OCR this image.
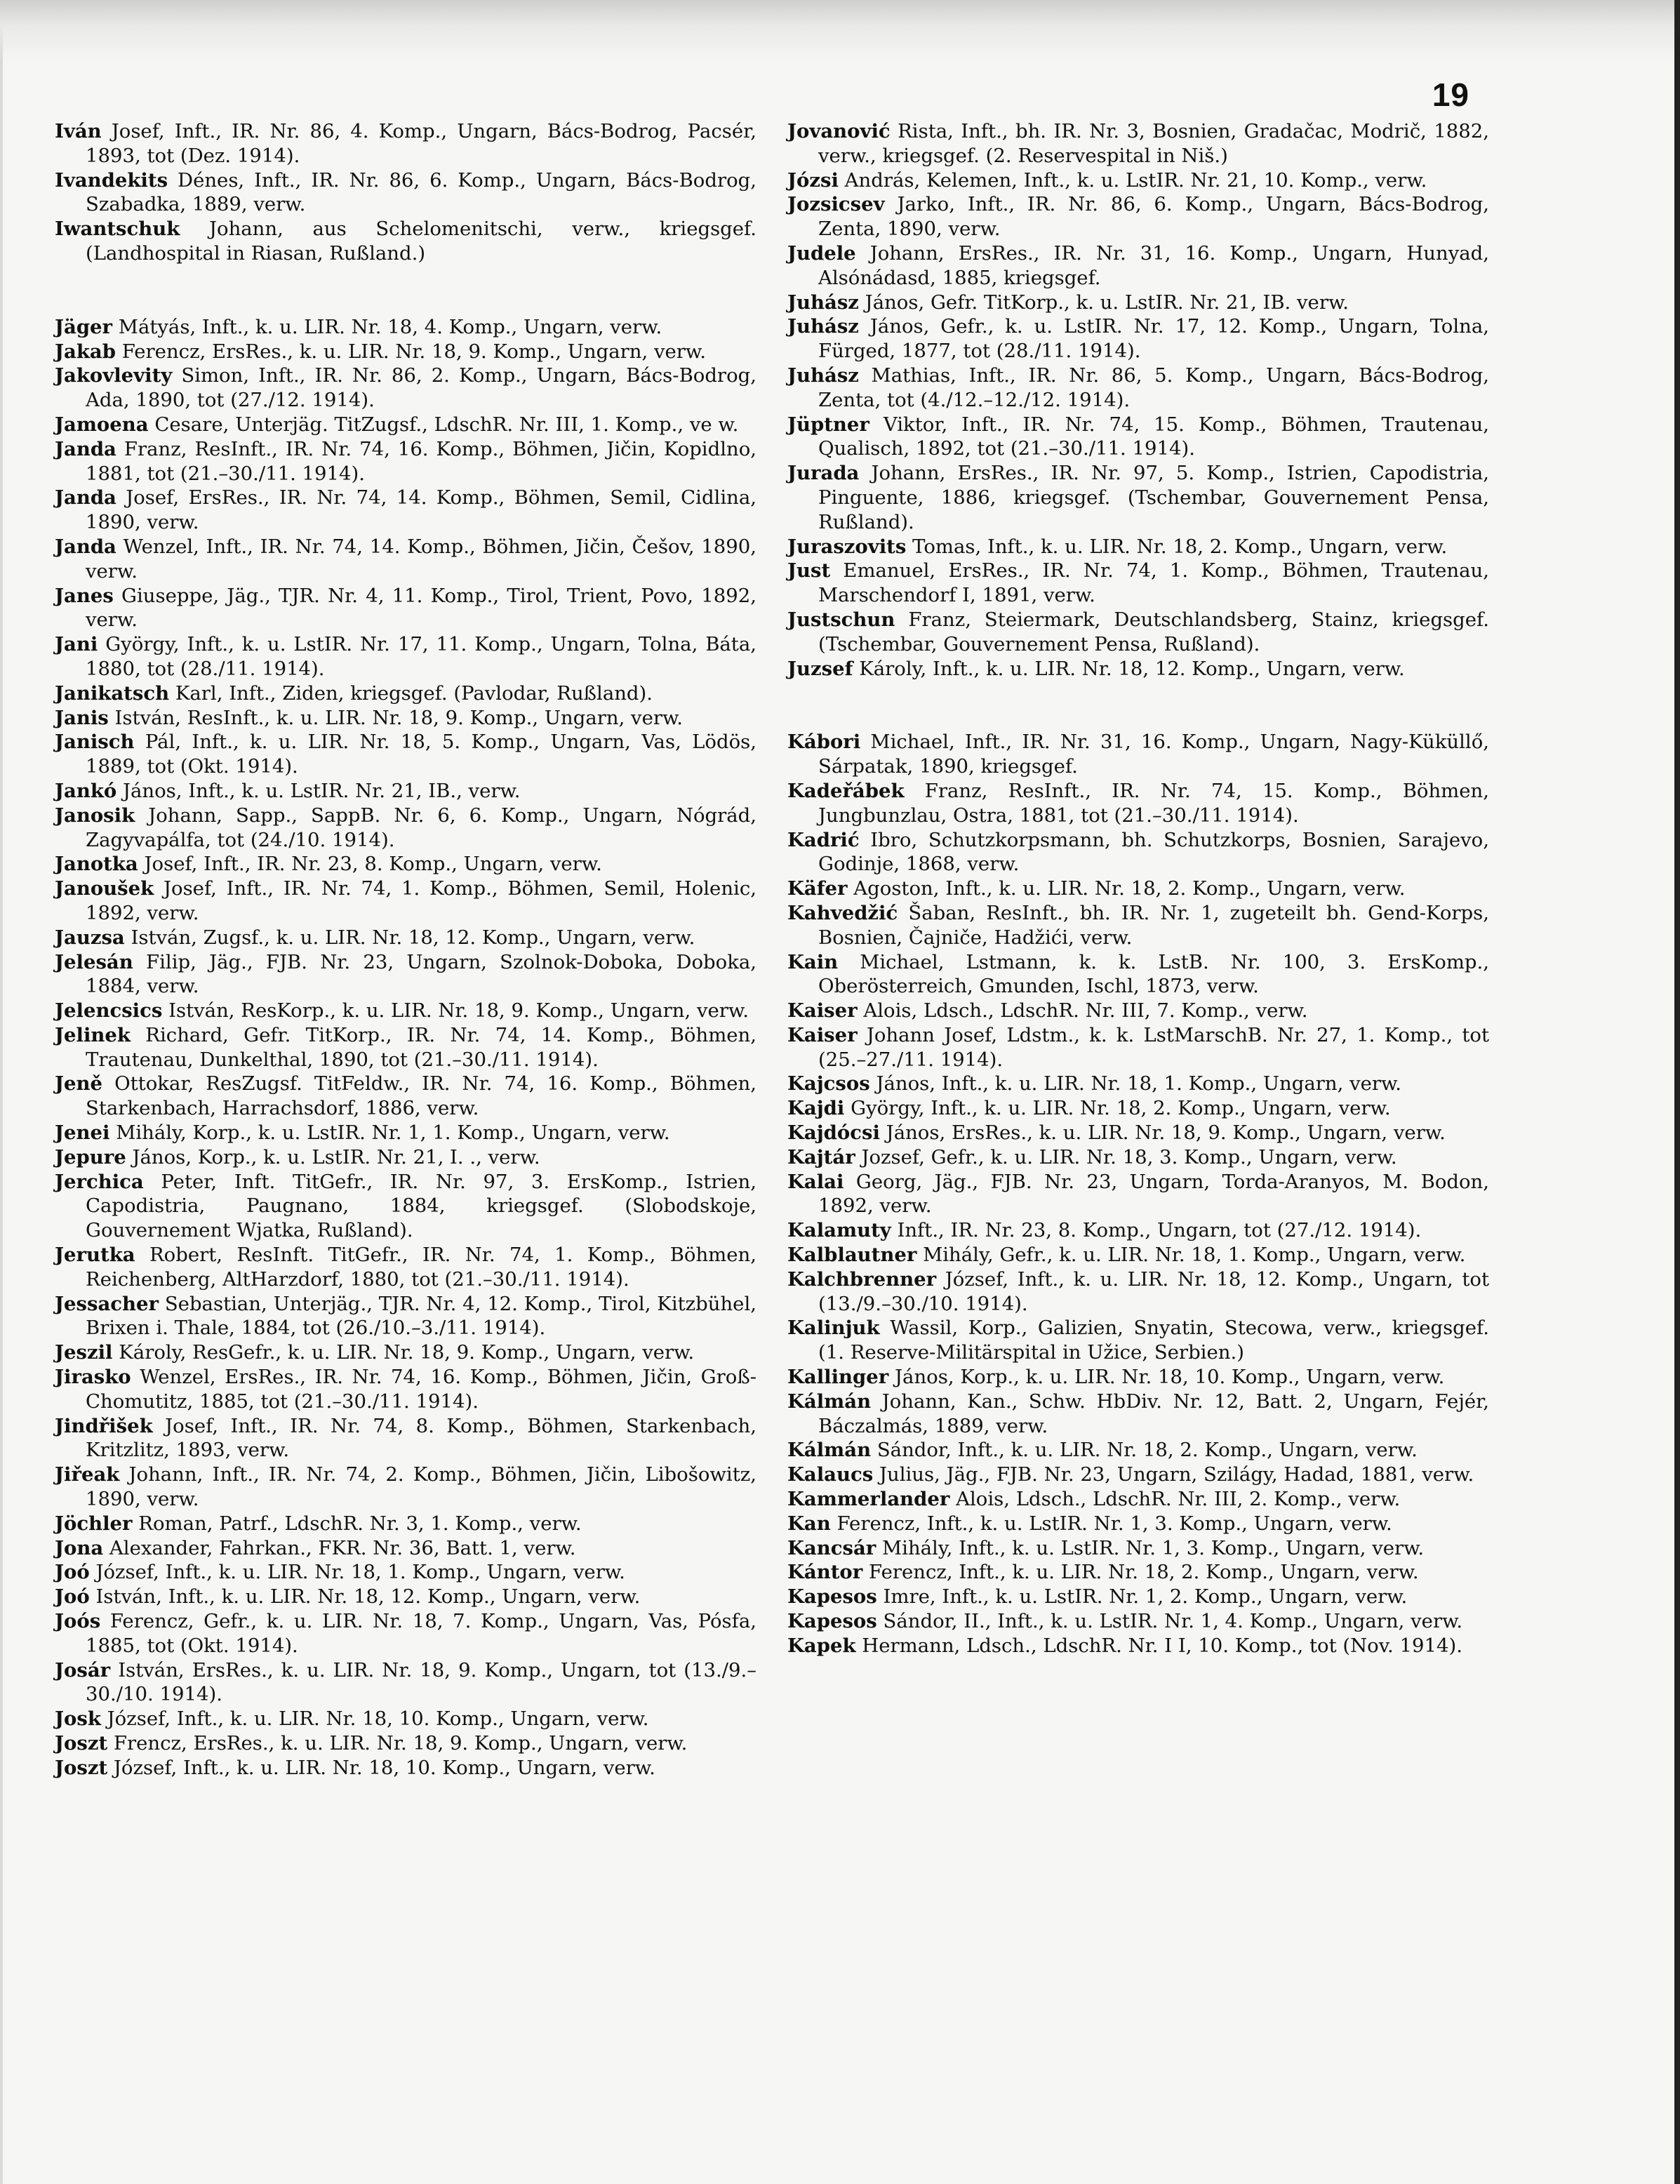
19

Iván Josef, Inft., IR. Nr. 86, 4. Komp., Ungarn, Bács-Bodrog, Pacsér, 1893, tot (Dez. 1914).

Ivandekits Dénes, Inft., IR. Nr. 86, 6. Komp., Ungarn, Bács-Bodrog, Szabadka, 1889, verw.

Iwantschuk Johann, aus Schelomenitschi, verw., kriegsgef. (Landhospital in Riasan, Rußland.)

Jäger Mátyás, Inft., k. u. LIR. Nr. 18, 4. Komp., Ungarn, verw.

Jakab Ferencz, ErsRes., k. u. LIR. Nr. 18, 9. Komp., Ungarn, verw.

Jakovlevity Simon, Inft., IR. Nr. 86, 2. Komp., Ungarn, Bács-Bodrog, Ada, 1890, tot (27./12. 1914).

Jamoena Cesare, Unterjäg. TitZugsf., LdschR. Nr. III, 1. Komp., ve w.

Janda Franz, ResInft., IR. Nr. 74, 16. Komp., Böhmen, Jičin, Kopidlno, 1881, tot (21.–30./11. 1914).

Janda Josef, ErsRes., IR. Nr. 74, 14. Komp., Böhmen, Semil, Cidlina, 1890, verw.

Janda Wenzel, Inft., IR. Nr. 74, 14. Komp., Böhmen, Jičin, Češov, 1890, verw.

Janes Giuseppe, Jäg., TJR. Nr. 4, 11. Komp., Tirol, Trient, Povo, 1892, verw.

Jani György, Inft., k. u. LstIR. Nr. 17, 11. Komp., Ungarn, Tolna, Báta, 1880, tot (28./11. 1914).

Janikatsch Karl, Inft., Ziden, kriegsgef. (Pavlodar, Rußland).

Janis István, ResInft., k. u. LIR. Nr. 18, 9. Komp., Ungarn, verw.

Janisch Pál, Inft., k. u. LIR. Nr. 18, 5. Komp., Ungarn, Vas, Lödös, 1889, tot (Okt. 1914).

Jankó János, Inft., k. u. LstIR. Nr. 21, IB., verw.

Janosik Johann, Sapp., SappB. Nr. 6, 6. Komp., Ungarn, Nógrád, Zagyvapálfa, tot (24./10. 1914).

Janotka Josef, Inft., IR. Nr. 23, 8. Komp., Ungarn, verw.

Janoušek Josef, Inft., IR. Nr. 74, 1. Komp., Böhmen, Semil, Holenic, 1892, verw.

Jauzsa István, Zugsf., k. u. LIR. Nr. 18, 12. Komp., Ungarn, verw.

Jelesán Filip, Jäg., FJB. Nr. 23, Ungarn, Szolnok-Doboka, Doboka, 1884, verw.

Jelencsics István, ResKorp., k. u. LIR. Nr. 18, 9. Komp., Ungarn, verw.

Jelinek Richard, Gefr. TitKorp., IR. Nr. 74, 14. Komp., Böhmen, Trautenau, Dunkelthal, 1890, tot (21.–30./11. 1914).

Jeně Ottokar, ResZugsf. TitFeldw., IR. Nr. 74, 16. Komp., Böhmen, Starkenbach, Harrachsdorf, 1886, verw.

Jenei Mihály, Korp., k. u. LstIR. Nr. 1, 1. Komp., Ungarn, verw.

Jepure János, Korp., k. u. LstIR. Nr. 21, I. ., verw.

Jerchica Peter, Inft. TitGefr., IR. Nr. 97, 3. ErsKomp., Istrien, Capodistria, Paugnano, 1884, kriegsgef. (Slobodskoje, Gouvernement Wjatka, Rußland).

Jerutka Robert, ResInft. TitGefr., IR. Nr. 74, 1. Komp., Böhmen, Reichenberg, AltHarzdorf, 1880, tot (21.–30./11. 1914).

Jessacher Sebastian, Unterjäg., TJR. Nr. 4, 12. Komp., Tirol, Kitzbühel, Brixen i. Thale, 1884, tot (26./10.–3./11. 1914).

Jeszil Károly, ResGefr., k. u. LIR. Nr. 18, 9. Komp., Ungarn, verw.

Jirasko Wenzel, ErsRes., IR. Nr. 74, 16. Komp., Böhmen, Jičin, Groß-Chomutitz, 1885, tot (21.–30./11. 1914).

Jindřišek Josef, Inft., IR. Nr. 74, 8. Komp., Böhmen, Starkenbach, Kritzlitz, 1893, verw.

Jiřeak Johann, Inft., IR. Nr. 74, 2. Komp., Böhmen, Jičin, Libošowitz, 1890, verw.

Jöchler Roman, Patrf., LdschR. Nr. 3, 1. Komp., verw.

Jona Alexander, Fahrkan., FKR. Nr. 36, Batt. 1, verw.

Joó József, Inft., k. u. LIR. Nr. 18, 1. Komp., Ungarn, verw.

Joó István, Inft., k. u. LIR. Nr. 18, 12. Komp., Ungarn, verw.

Joós Ferencz, Gefr., k. u. LIR. Nr. 18, 7. Komp., Ungarn, Vas, Pósfa, 1885, tot (Okt. 1914).

Josár István, ErsRes., k. u. LIR. Nr. 18, 9. Komp., Ungarn, tot (13./9.–30./10. 1914).

Josk József, Inft., k. u. LIR. Nr. 18, 10. Komp., Ungarn, verw.

Joszt Frencz, ErsRes., k. u. LIR. Nr. 18, 9. Komp., Ungarn, verw.

Joszt József, Inft., k. u. LIR. Nr. 18, 10. Komp., Ungarn, verw.

Jovanović Rista, Inft., bh. IR. Nr. 3, Bosnien, Gradačac, Modrič, 1882, verw., kriegsgef. (2. Reservespital in Niš.)

Józsi András, Kelemen, Inft., k. u. LstIR. Nr. 21, 10. Komp., verw.

Jozsicsev Jarko, Inft., IR. Nr. 86, 6. Komp., Ungarn, Bács-Bodrog, Zenta, 1890, verw.

Judele Johann, ErsRes., IR. Nr. 31, 16. Komp., Ungarn, Hunyad, Alsónádasd, 1885, kriegsgef.

Juhász János, Gefr. TitKorp., k. u. LstIR. Nr. 21, IB. verw.

Juhász János, Gefr., k. u. LstIR. Nr. 17, 12. Komp., Ungarn, Tolna, Fürged, 1877, tot (28./11. 1914).

Juhász Mathias, Inft., IR. Nr. 86, 5. Komp., Ungarn, Bács-Bodrog, Zenta, tot (4./12.–12./12. 1914).

Jüptner Viktor, Inft., IR. Nr. 74, 15. Komp., Böhmen, Trautenau, Qualisch, 1892, tot (21.–30./11. 1914).

Jurada Johann, ErsRes., IR. Nr. 97, 5. Komp., Istrien, Capodistria, Pinguente, 1886, kriegsgef. (Tschembar, Gouvernement Pensa, Rußland).

Juraszovits Tomas, Inft., k. u. LIR. Nr. 18, 2. Komp., Ungarn, verw.

Just Emanuel, ErsRes., IR. Nr. 74, 1. Komp., Böhmen, Trautenau, Marschendorf I, 1891, verw.

Justschun Franz, Steiermark, Deutschlandsberg, Stainz, kriegsgef. (Tschembar, Gouvernement Pensa, Rußland).

Juzsef Károly, Inft., k. u. LIR. Nr. 18, 12. Komp., Ungarn, verw.

Kábori Michael, Inft., IR. Nr. 31, 16. Komp., Ungarn, Nagy-Küküllő, Sárpatak, 1890, kriegsgef.

Kadeřábek Franz, ResInft., IR. Nr. 74, 15. Komp., Böhmen, Jungbunzlau, Ostra, 1881, tot (21.–30./11. 1914).

Kadrić Ibro, Schutzkorpsmann, bh. Schutzkorps, Bosnien, Sarajevo, Godinje, 1868, verw.

Käfer Agoston, Inft., k. u. LIR. Nr. 18, 2. Komp., Ungarn, verw.

Kahvedžić Šaban, ResInft., bh. IR. Nr. 1, zugeteilt bh. Gend-Korps, Bosnien, Čajniče, Hadžići, verw.

Kain Michael, Lstmann, k. k. LstB. Nr. 100, 3. ErsKomp., Oberösterreich, Gmunden, Ischl, 1873, verw.

Kaiser Alois, Ldsch., LdschR. Nr. III, 7. Komp., verw.

Kaiser Johann Josef, Ldstm., k. k. LstMarschB. Nr. 27, 1. Komp., tot (25.–27./11. 1914).

Kajcsos János, Inft., k. u. LIR. Nr. 18, 1. Komp., Ungarn, verw.

Kajdi György, Inft., k. u. LIR. Nr. 18, 2. Komp., Ungarn, verw.

Kajdócsi János, ErsRes., k. u. LIR. Nr. 18, 9. Komp., Ungarn, verw.

Kajtár Jozsef, Gefr., k. u. LIR. Nr. 18, 3. Komp., Ungarn, verw.

Kalai Georg, Jäg., FJB. Nr. 23, Ungarn, Torda-Aranyos, M. Bodon, 1892, verw.

Kalamuty Inft., IR. Nr. 23, 8. Komp., Ungarn, tot (27./12. 1914).

Kalblautner Mihály, Gefr., k. u. LIR. Nr. 18, 1. Komp., Ungarn, verw.

Kalchbrenner József, Inft., k. u. LIR. Nr. 18, 12. Komp., Ungarn, tot (13./9.–30./10. 1914).

Kalinjuk Wassil, Korp., Galizien, Snyatin, Stecowa, verw., kriegsgef. (1. Reserve-Militärspital in Užice, Serbien.)

Kallinger János, Korp., k. u. LIR. Nr. 18, 10. Komp., Ungarn, verw.

Kálmán Johann, Kan., Schw. HbDiv. Nr. 12, Batt. 2, Ungarn, Fejér, Báczalmás, 1889, verw.

Kálmán Sándor, Inft., k. u. LIR. Nr. 18, 2. Komp., Ungarn, verw.

Kalaucs Julius, Jäg., FJB. Nr. 23, Ungarn, Szilágy, Hadad, 1881, verw.

Kammerlander Alois, Ldsch., LdschR. Nr. III, 2. Komp., verw.

Kan Ferencz, Inft., k. u. LstIR. Nr. 1, 3. Komp., Ungarn, verw.

Kancsár Mihály, Inft., k. u. LstIR. Nr. 1, 3. Komp., Ungarn, verw.

Kántor Ferencz, Inft., k. u. LIR. Nr. 18, 2. Komp., Ungarn, verw.

Kapesos Imre, Inft., k. u. LstIR. Nr. 1, 2. Komp., Ungarn, verw.

Kapesos Sándor, II., Inft., k. u. LstIR. Nr. 1, 4. Komp., Ungarn, verw.

Kapek Hermann, Ldsch., LdschR. Nr. I I, 10. Komp., tot (Nov. 1914).
